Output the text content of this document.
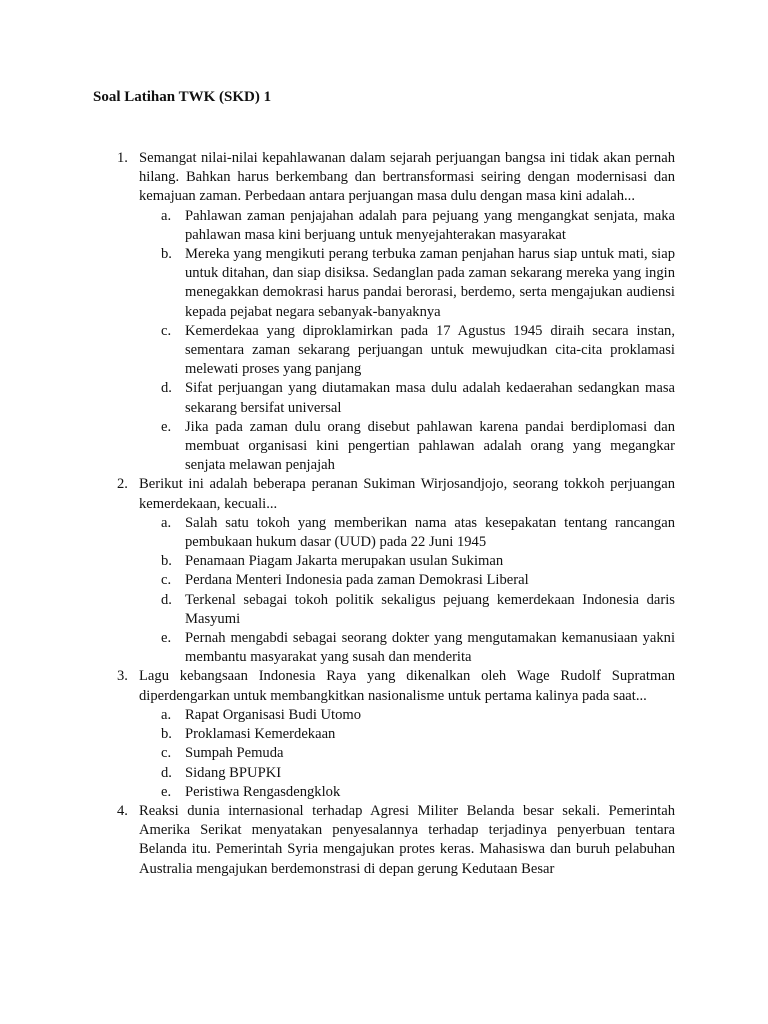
Soal Latihan TWK (SKD) 1
1. Semangat nilai-nilai kepahlawanan dalam sejarah perjuangan bangsa ini tidak akan pernah hilang. Bahkan harus berkembang dan bertransformasi seiring dengan modernisasi dan kemajuan zaman. Perbedaan antara perjuangan masa dulu dengan masa kini adalah...
a. Pahlawan zaman penjajahan adalah para pejuang yang mengangkat senjata, maka pahlawan masa kini berjuang untuk menyejahterakan masyarakat
b. Mereka yang mengikuti perang terbuka zaman penjahan harus siap untuk mati, siap untuk ditahan, dan siap disiksa. Sedanglan pada zaman sekarang mereka yang ingin menegakkan demokrasi harus pandai berorasi, berdemo, serta mengajukan audiensi kepada pejabat negara sebanyak-banyaknya
c. Kemerdekaa yang diproklamirkan pada 17 Agustus 1945 diraih secara instan, sementara zaman sekarang perjuangan untuk mewujudkan cita-cita proklamasi melewati proses yang panjang
d. Sifat perjuangan yang diutamakan masa dulu adalah kedaerahan sedangkan masa sekarang bersifat universal
e. Jika pada zaman dulu orang disebut pahlawan karena pandai berdiplomasi dan membuat organisasi kini pengertian pahlawan adalah orang yang megangkar senjata melawan penjajah
2. Berikut ini adalah beberapa peranan Sukiman Wirjosandjojo, seorang tokkoh perjuangan kemerdekaan, kecuali...
a. Salah satu tokoh yang memberikan nama atas kesepakatan tentang rancangan pembukaan hukum dasar (UUD) pada 22 Juni 1945
b. Penamaan Piagam Jakarta merupakan usulan Sukiman
c. Perdana Menteri Indonesia pada zaman Demokrasi Liberal
d. Terkenal sebagai tokoh politik sekaligus pejuang kemerdekaan Indonesia daris Masyumi
e. Pernah mengabdi sebagai seorang dokter yang mengutamakan kemanusiaan yakni membantu masyarakat yang susah dan menderita
3. Lagu kebangsaan Indonesia Raya yang dikenalkan oleh Wage Rudolf Supratman diperdengarkan untuk membangkitkan nasionalisme untuk pertama kalinya pada saat...
a. Rapat Organisasi Budi Utomo
b. Proklamasi Kemerdekaan
c. Sumpah Pemuda
d. Sidang BPUPKI
e. Peristiwa Rengasdengklok
4. Reaksi dunia internasional terhadap Agresi Militer Belanda besar sekali. Pemerintah Amerika Serikat menyatakan penyesalannya terhadap terjadinya penyerbuan tentara Belanda itu. Pemerintah Syria mengajukan protes keras. Mahasiswa dan buruh pelabuhan Australia mengajukan berdemonstrasi di depan gerung Kedutaan Besar
